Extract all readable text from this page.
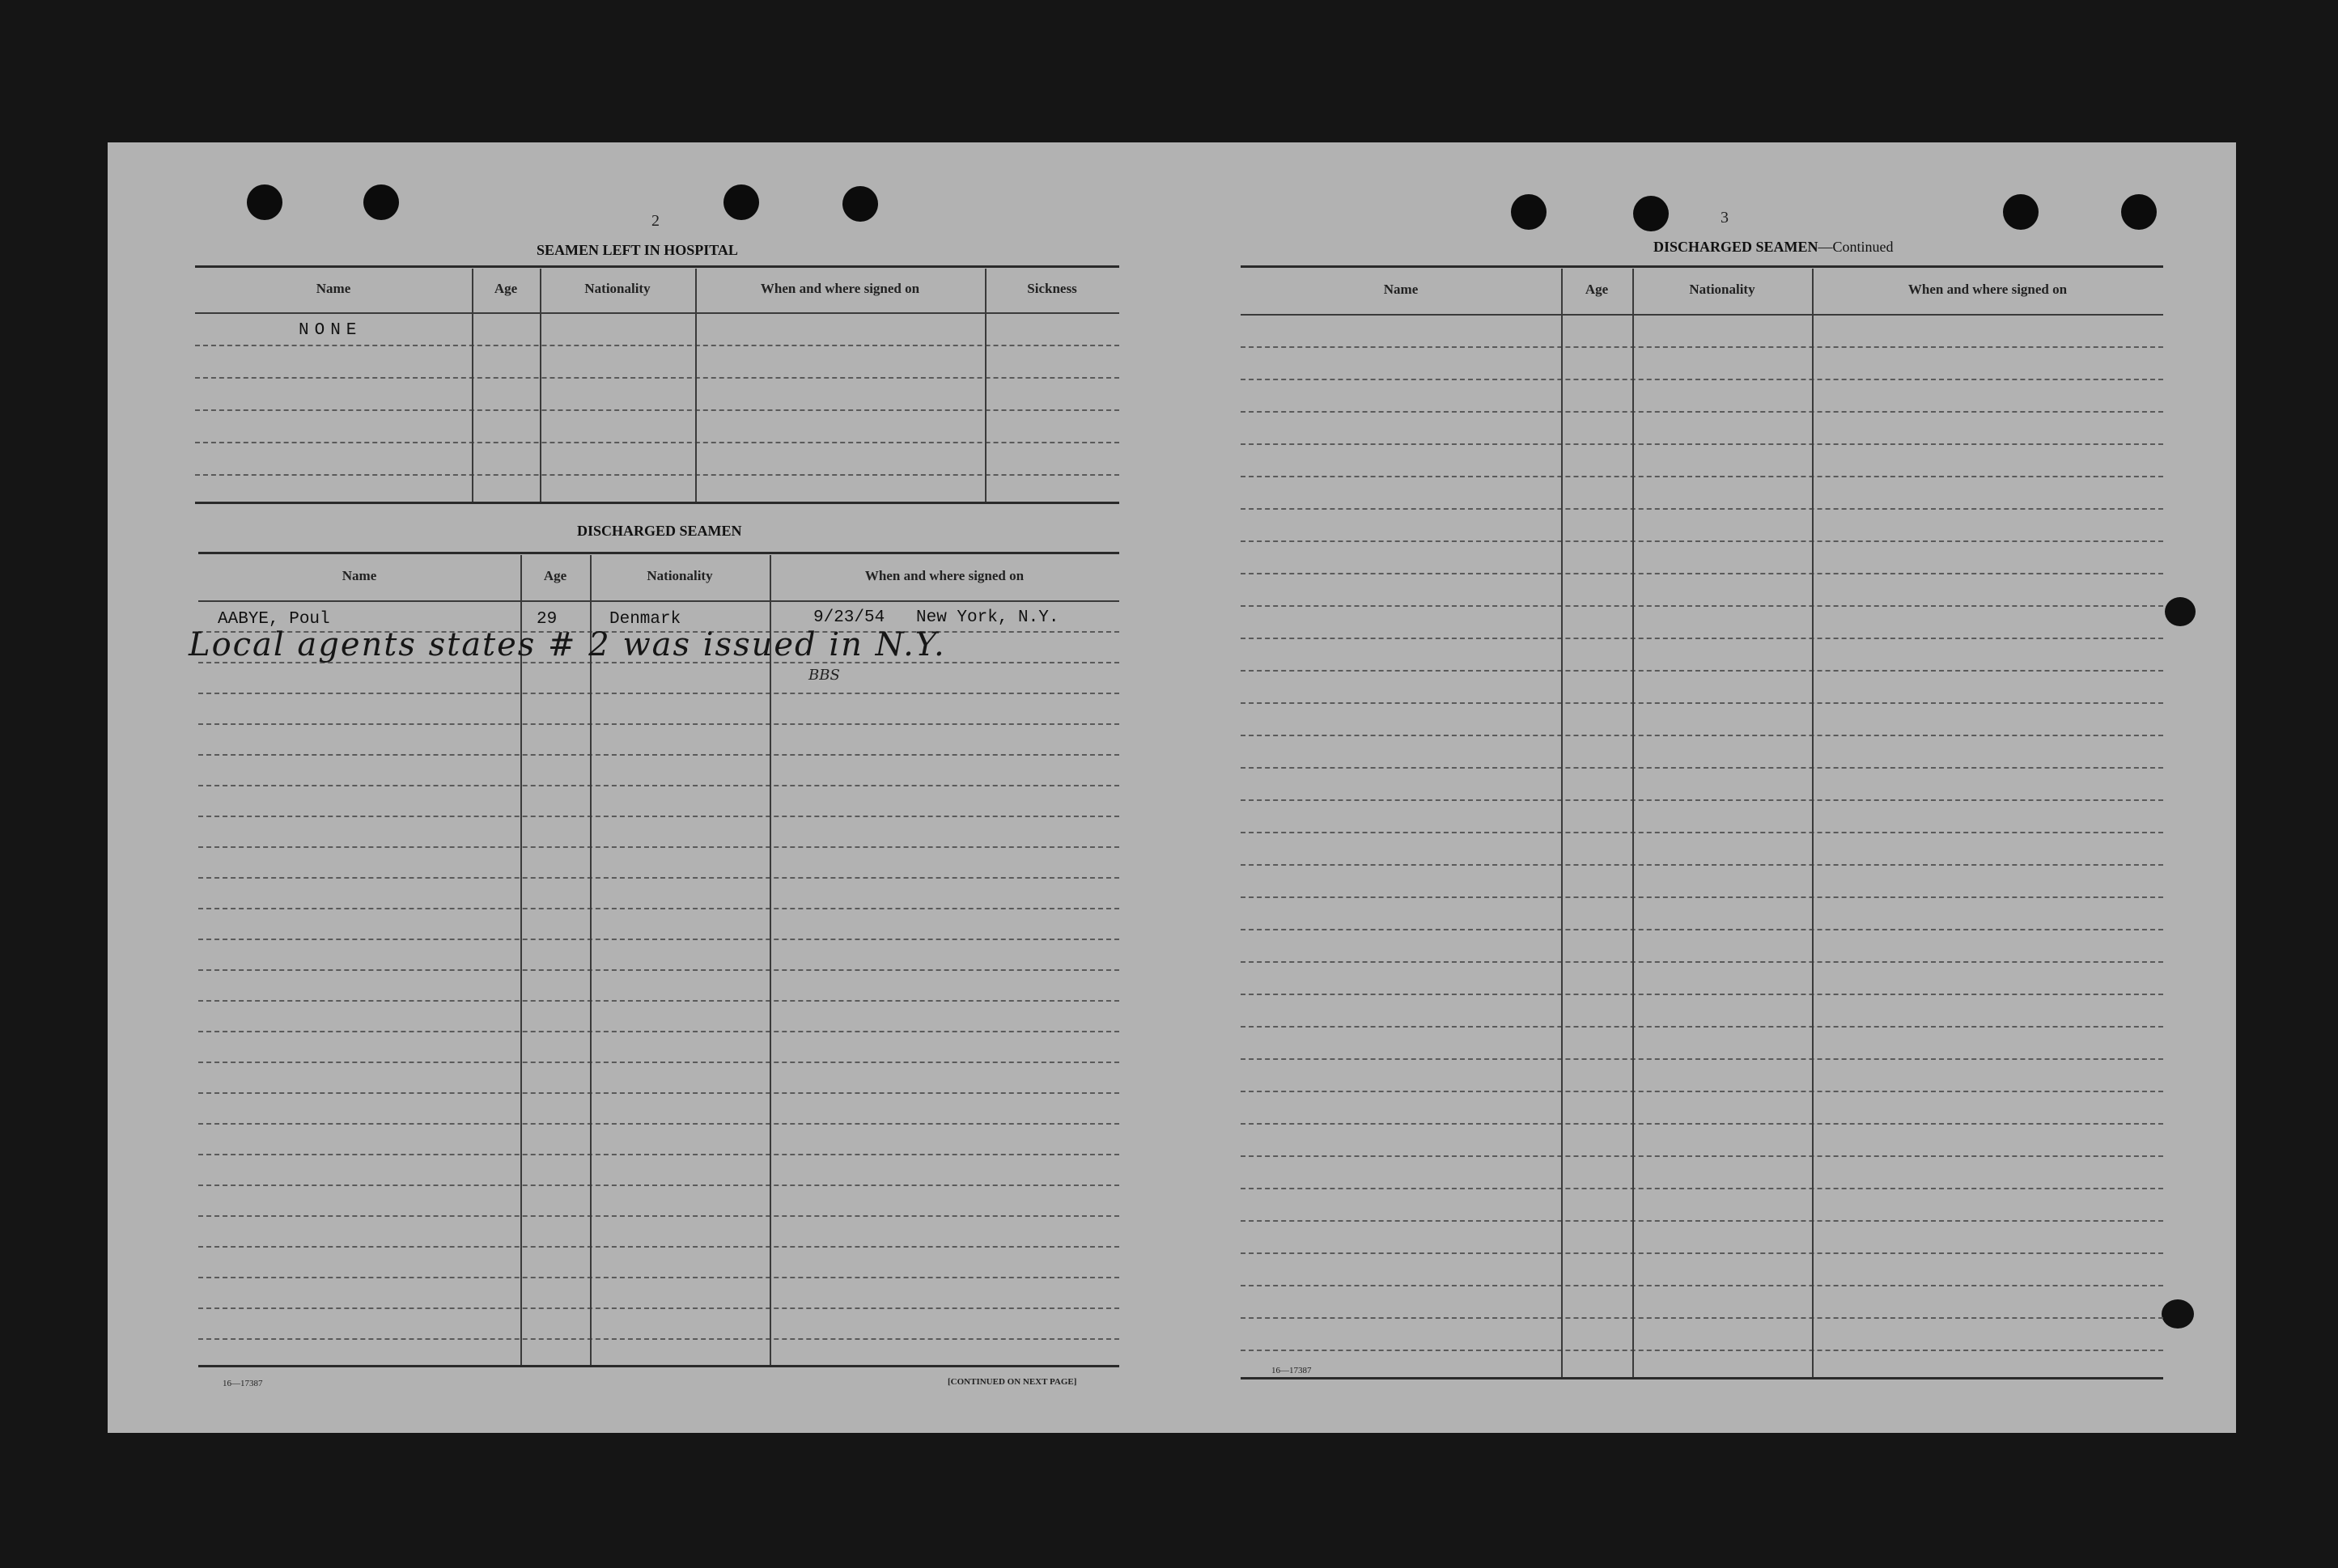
2
SEAMEN LEFT IN HOSPITAL
Name	Age	Nationality	When and where signed on	Sickness
NONE
DISCHARGED SEAMEN
Name	Age	Nationality	When and where signed on
AABYE, Poul	29	Denmark	9/23/54 New York, N.Y.
Local agents states # 2 was issued in N.Y.
BBS
16—17387	[CONTINUED ON NEXT PAGE]
3
DISCHARGED SEAMEN—Continued
Name	Age	Nationality	When and where signed on
16—17387
